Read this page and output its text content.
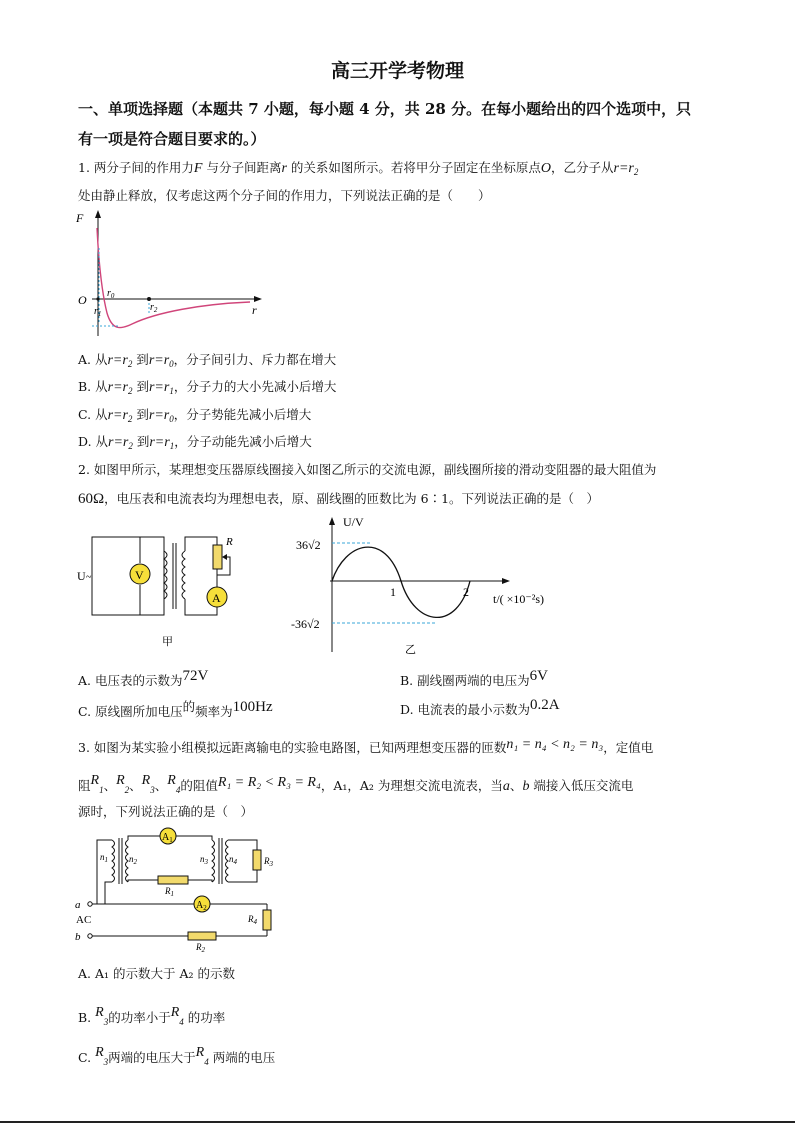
高三开学考物理
一、单项选择题（本题共 7 小题，每小题 4 分，共 28 分。在每小题给出的四个选项中，只
有一项是符合题目要求的。）
1. 两分子间的作用力F 与分子间距离r 的关系如图所示。若将甲分子固定在坐标原点O，乙分子从$r=r_2$
处由静止释放，仅考虑这两个分子间的作用力，下列说法正确的是（　　）
F
O
r
$r_0$
$r_1$
$r_2$
A. 从$r=r_2$ 到$r=r_0$，分子间引力、斥力都在增大
B. 从$r=r_2$ 到$r=r_1$，分子力的大小先减小后增大
C. 从$r=r_2$ 到$r=r_0$，分子势能先减小后增大
D. 从$r=r_2$ 到$r=r_1$，分子动能先减小后增大
2. 如图甲所示，某理想变压器原线圈接入如图乙所示的交流电源，副线圈所接的滑动变阻器的最大阻值为
60Ω，电压表和电流表均为理想电表，原、副线圈的匝数比为 6∶1。下列说法正确的是（　）
U ~	V
R
A
甲
U/V
t/( ×10⁻²s)
36√2
-36√2
1	2
乙
A. 电压表的示数为72V	B. 副线圈两端的电压为6V
C. 原线圈所加电压的频率为100Hz	D. 电流表的最小示数为0.2A
3. 如图为某实验小组模拟远距离输电的实验电路图，已知两理想变压器的匝数n₁ = n₄ < n₂ = n₃，定值电
阻$R_1$、$R_2$、$R_3$、$R_4$的阻值R₁ = R₂ < R₃ = R₄，A₁，A₂ 为理想交流电流表，当a、b 端接入低压交流电
源时，下列说法正确的是（　）
a
b
AC
$n_1$ $n_2$
$A_1$
$R_1$
$n_3$ $n_4$	$R_3$
$A_2$
$R_4$
$R_2$
A. A₁ 的示数大于 A₂ 的示数
B. $R_3$的功率小于$R_4$ 的功率
C. $R_3$两端的电压大于$R_4$ 两端的电压
